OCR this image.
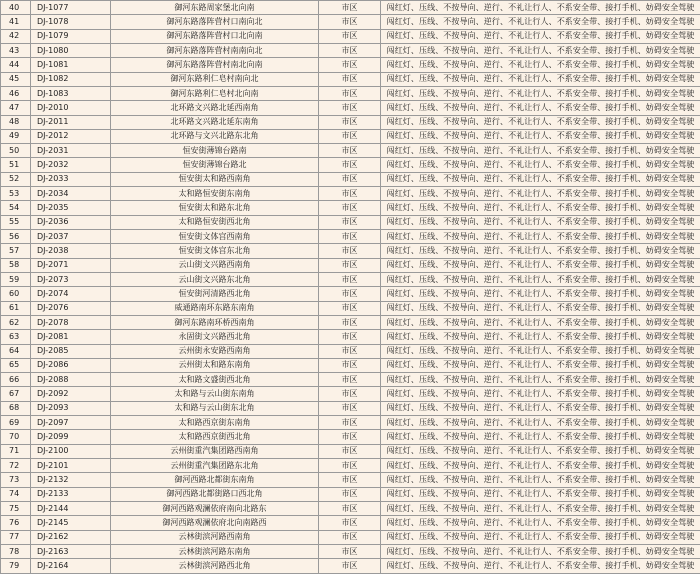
40	DJ-1077	御河东路周家堡北向南	市区	闯红灯、压线、不按导向、逆行、不礼让行人、不系安全带、接打手机、妨碍安全驾驶
41	DJ-1078	御河东路落阵营村口南向北	市区	闯红灯、压线、不按导向、逆行、不礼让行人、不系安全带、接打手机、妨碍安全驾驶
42	DJ-1079	御河东路落阵营村口北向南	市区	闯红灯、压线、不按导向、逆行、不礼让行人、不系安全带、接打手机、妨碍安全驾驶
43	DJ-1080	御河东路落阵营村南南向北	市区	闯红灯、压线、不按导向、逆行、不礼让行人、不系安全带、接打手机、妨碍安全驾驶
44	DJ-1081	御河东路落阵营村南北向南	市区	闯红灯、压线、不按导向、逆行、不礼让行人、不系安全带、接打手机、妨碍安全驾驶
45	DJ-1082	御河东路利仁皂村南向北	市区	闯红灯、压线、不按导向、逆行、不礼让行人、不系安全带、接打手机、妨碍安全驾驶
46	DJ-1083	御河东路利仁皂村北向南	市区	闯红灯、压线、不按导向、逆行、不礼让行人、不系安全带、接打手机、妨碍安全驾驶
47	DJ-2010	北环路文兴路北延西南角	市区	闯红灯、压线、不按导向、逆行、不礼让行人、不系安全带、接打手机、妨碍安全驾驶
48	DJ-2011	北环路文兴路北延东南角	市区	闯红灯、压线、不按导向、逆行、不礼让行人、不系安全带、接打手机、妨碍安全驾驶
49	DJ-2012	北环路与文兴北路东北角	市区	闯红灯、压线、不按导向、逆行、不礼让行人、不系安全带、接打手机、妨碍安全驾驶
50	DJ-2031	恒安街薄锦台路南	市区	闯红灯、压线、不按导向、逆行、不礼让行人、不系安全带、接打手机、妨碍安全驾驶
51	DJ-2032	恒安街薄锦台路北	市区	闯红灯、压线、不按导向、逆行、不礼让行人、不系安全带、接打手机、妨碍安全驾驶
52	DJ-2033	恒安街太和路西南角	市区	闯红灯、压线、不按导向、逆行、不礼让行人、不系安全带、接打手机、妨碍安全驾驶
53	DJ-2034	太和路恒安街东南角	市区	闯红灯、压线、不按导向、逆行、不礼让行人、不系安全带、接打手机、妨碍安全驾驶
54	DJ-2035	恒安街太和路东北角	市区	闯红灯、压线、不按导向、逆行、不礼让行人、不系安全带、接打手机、妨碍安全驾驶
55	DJ-2036	太和路恒安街西北角	市区	闯红灯、压线、不按导向、逆行、不礼让行人、不系安全带、接打手机、妨碍安全驾驶
56	DJ-2037	恒安街文体宫西南角	市区	闯红灯、压线、不按导向、逆行、不礼让行人、不系安全带、接打手机、妨碍安全驾驶
57	DJ-2038	恒安街文体宫东北角	市区	闯红灯、压线、不按导向、逆行、不礼让行人、不系安全带、接打手机、妨碍安全驾驶
58	DJ-2071	云山街文兴路西南角	市区	闯红灯、压线、不按导向、逆行、不礼让行人、不系安全带、接打手机、妨碍安全驾驶
59	DJ-2073	云山街文兴路东北角	市区	闯红灯、压线、不按导向、逆行、不礼让行人、不系安全带、接打手机、妨碍安全驾驶
60	DJ-2074	恒安街河清路西北角	市区	闯红灯、压线、不按导向、逆行、不礼让行人、不系安全带、接打手机、妨碍安全驾驶
61	DJ-2076	威通路南环东路东南角	市区	闯红灯、压线、不按导向、逆行、不礼让行人、不系安全带、接打手机、妨碍安全驾驶
62	DJ-2078	御河东路南环桥西南角	市区	闯红灯、压线、不按导向、逆行、不礼让行人、不系安全带、接打手机、妨碍安全驾驶
63	DJ-2081	永固街文兴路西北角	市区	闯红灯、压线、不按导向、逆行、不礼让行人、不系安全带、接打手机、妨碍安全驾驶
64	DJ-2085	云州街永安路西南角	市区	闯红灯、压线、不按导向、逆行、不礼让行人、不系安全带、接打手机、妨碍安全驾驶
65	DJ-2086	云州街太和路东南角	市区	闯红灯、压线、不按导向、逆行、不礼让行人、不系安全带、接打手机、妨碍安全驾驶
66	DJ-2088	太和路文盛街西北角	市区	闯红灯、压线、不按导向、逆行、不礼让行人、不系安全带、接打手机、妨碍安全驾驶
67	DJ-2092	太和路与云山街东南角	市区	闯红灯、压线、不按导向、逆行、不礼让行人、不系安全带、接打手机、妨碍安全驾驶
68	DJ-2093	太和路与云山街东北角	市区	闯红灯、压线、不按导向、逆行、不礼让行人、不系安全带、接打手机、妨碍安全驾驶
69	DJ-2097	太和路西京街东南角	市区	闯红灯、压线、不按导向、逆行、不礼让行人、不系安全带、接打手机、妨碍安全驾驶
70	DJ-2099	太和路西京街西北角	市区	闯红灯、压线、不按导向、逆行、不礼让行人、不系安全带、接打手机、妨碍安全驾驶
71	DJ-2100	云州街重汽集团路西南角	市区	闯红灯、压线、不按导向、逆行、不礼让行人、不系安全带、接打手机、妨碍安全驾驶
72	DJ-2101	云州街重汽集团路东北角	市区	闯红灯、压线、不按导向、逆行、不礼让行人、不系安全带、接打手机、妨碍安全驾驶
73	DJ-2132	御河西路北都街东南角	市区	闯红灯、压线、不按导向、逆行、不礼让行人、不系安全带、接打手机、妨碍安全驾驶
74	DJ-2133	御河西路北都街路口西北角	市区	闯红灯、压线、不按导向、逆行、不礼让行人、不系安全带、接打手机、妨碍安全驾驶
75	DJ-2144	御河西路观澜依府南向北路东	市区	闯红灯、压线、不按导向、逆行、不礼让行人、不系安全带、接打手机、妨碍安全驾驶
76	DJ-2145	御河西路观澜依府北向南路西	市区	闯红灯、压线、不按导向、逆行、不礼让行人、不系安全带、接打手机、妨碍安全驾驶
77	DJ-2162	云林街滨河路西南角	市区	闯红灯、压线、不按导向、逆行、不礼让行人、不系安全带、接打手机、妨碍安全驾驶
78	DJ-2163	云林街滨河路东南角	市区	闯红灯、压线、不按导向、逆行、不礼让行人、不系安全带、接打手机、妨碍安全驾驶
79	DJ-2164	云林街滨河路西北角	市区	闯红灯、压线、不按导向、逆行、不礼让行人、不系安全带、接打手机、妨碍安全驾驶
